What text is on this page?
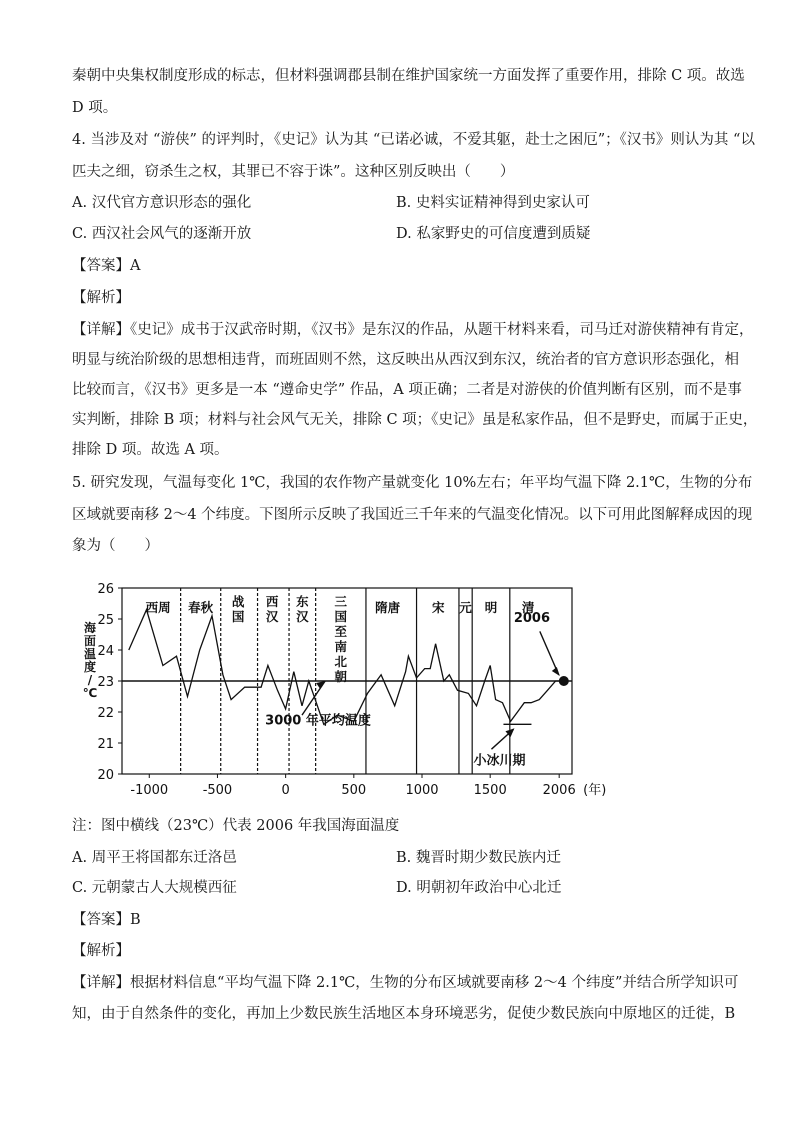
秦朝中央集权制度形成的标志，但材料强调郡县制在维护国家统一方面发挥了重要作用，排除 C 项。故选
D 项。
4. 当涉及对 “游侠” 的评判时，《史记》认为其 “已诺必诚，不爱其躯，赴士之困厄”；《汉书》则认为其 “以
匹夫之细，窃杀生之权，其罪已不容于诛”。这种区别反映出（　　）
A. 汉代官方意识形态的强化	B. 史料实证精神得到史家认可
C. 西汉社会风气的逐渐开放	D. 私家野史的可信度遭到质疑
【答案】A
【解析】
【详解】《史记》成书于汉武帝时期，《汉书》是东汉的作品，从题干材料来看，司马迁对游侠精神有肯定，
明显与统治阶级的思想相违背，而班固则不然，这反映出从西汉到东汉，统治者的官方意识形态强化，相
比较而言，《汉书》更多是一本 “遵命史学” 作品，A 项正确；二者是对游侠的价值判断有区别，而不是事
实判断，排除 B 项；材料与社会风气无关，排除 C 项；《史记》虽是私家作品，但不是野史，而属于正史，
排除 D 项。故选 A 项。
5. 研究发现，气温每变化 1℃，我国的农作物产量就变化 10%左右；年平均气温下降 2.1℃，生物的分布
区域就要南移 2～4 个纬度。下图所示反映了我国近三千年来的气温变化情况。以下可用此图解释成因的现
象为（　　）
西周 春秋 战国
西汉
东汉
三国至南北朝
隋唐	宋 元 明 清
20
21
22
23
24
25
26
海面温度/ ℃
-1000	-500	0	500	1000	1500	2006 (年)
3000 年平均温度
2006
小冰川期
注：图中横线（23℃）代表 2006 年我国海面温度
A. 周平王将国都东迁洛邑	B. 魏晋时期少数民族内迁
C. 元朝蒙古人大规模西征	D. 明朝初年政治中心北迁
【答案】B
【解析】
【详解】根据材料信息“平均气温下降 2.1℃，生物的分布区域就要南移 2～4 个纬度”并结合所学知识可
知，由于自然条件的变化，再加上少数民族生活地区本身环境恶劣，促使少数民族向中原地区的迁徙，B
